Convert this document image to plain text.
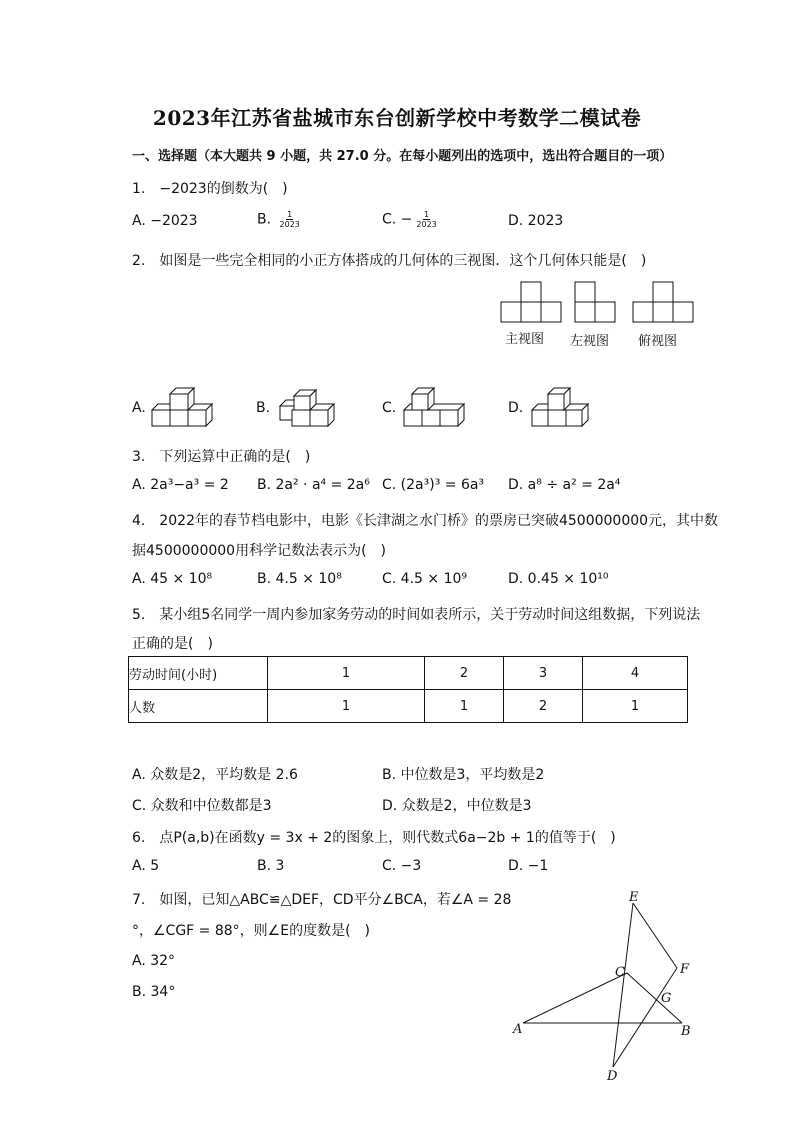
2023年江苏省盐城市东台创新学校中考数学二模试卷
一、选择题（本大题共 9 小题，共 27.0 分。在每小题列出的选项中，选出符合题目的一项）
1.　−2023的倒数为(　)
A. −2023	B. $\frac{1}{2023}$	C. − $\frac{1}{2023}$	D. 2023
2.　如图是一些完全相同的小正方体搭成的几何体的三视图．这个几何体只能是(　)
主视图 左视图 俯视图
A.	B.	C.	D.
3.　下列运算中正确的是(　)
A. 2a³−a³ = 2 B. 2a² · a⁴ = 2a⁶ C. (2a³)³ = 6a³ D. a⁸ ÷ a² = 2a⁴
4.　2022年的春节档电影中，电影《长津湖之水门桥》的票房已突破4500000000元，其中数
据4500000000用科学记数法表示为(　)
A. 45 × 10⁸	B. 4.5 × 10⁸	C. 4.5 × 10⁹	D. 0.45 × 10¹⁰
5.　某小组5名同学一周内参加家务劳动的时间如表所示，关于劳动时间这组数据，下列说法
正确的是(　)
劳动时间(小时)	1	2	3	4
人数	1	1	2	1
A. 众数是2，平均数是 2.6	B. 中位数是3，平均数是2
C. 众数和中位数都是3	D. 众数是2，中位数是3
6.　点P(a,b)在函数y = 3x + 2的图象上，则代数式6a−2b + 1的值等于(　)
A. 5	B. 3	C. −3	D. −1
7.　如图，已知△ABC≌△DEF，CD平分∠BCA，若∠A = 28
°，∠CGF = 88°，则∠E的度数是(　)
A. 32°
B. 34°
E
F
C
G
A	B
D
